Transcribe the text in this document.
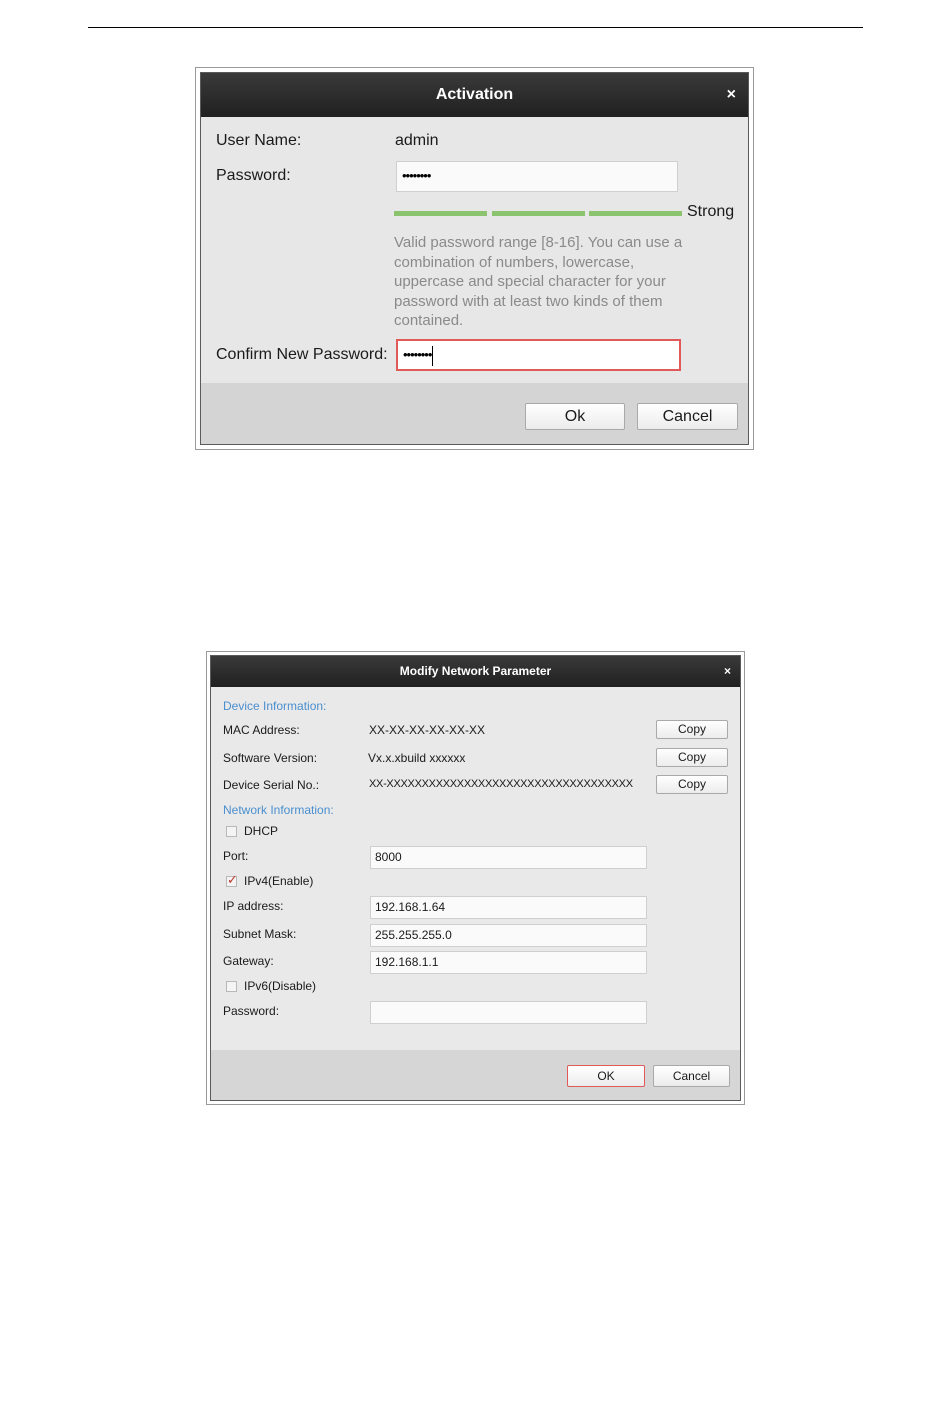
Activation	×
User Name:	admin
Password:	••••••••
Strong
Valid password range [8-16]. You can use a combination of numbers, lowercase, uppercase and special character for your password with at least two kinds of them contained.
Confirm New Password:	••••••••
Ok	Cancel
Modify Network Parameter	×
Device Information:
MAC Address:	XX-XX-XX-XX-XX-XX	Copy
Software Version:	Vx.x.xbuild xxxxxx	Copy
Device Serial No.:	XX-XXXXXXXXXXXXXXXXXXXXXXXXXXXXXXXXXXX	Copy
Network Information:
DHCP
Port:	8000
✓ IPv4(Enable)
IP address:	192.168.1.64
Subnet Mask:	255.255.255.0
Gateway:	192.168.1.1
IPv6(Disable)
Password:
OK	Cancel
